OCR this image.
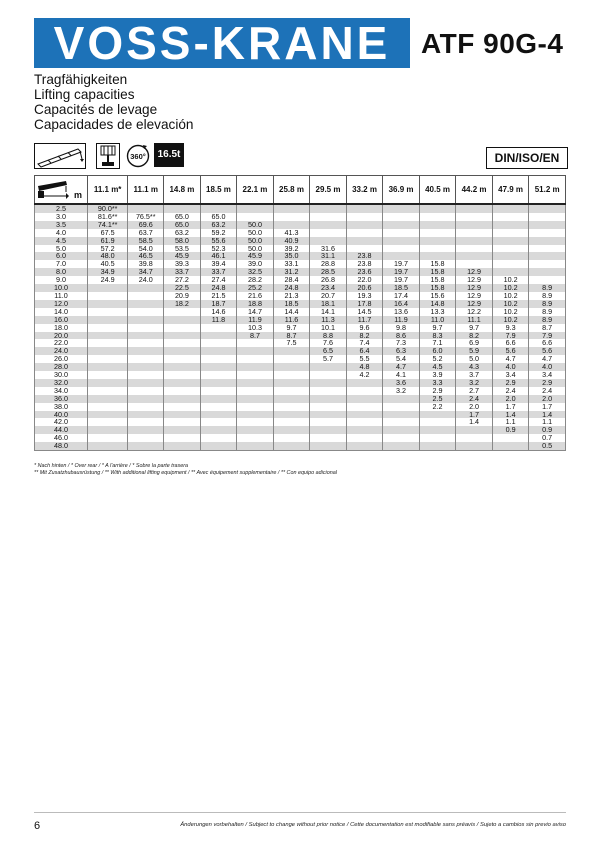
VOSS-KRANE	ATF 90G-4
Tragfähigkeiten
Lifting capacities
Capacités de levage
Capacidades de elevación
360°	16.5t	DIN/ISO/EN
m	11.1 m*	11.1 m	14.8 m	18.5 m	22.1 m	25.8 m	29.5 m	33.2 m	36.9 m	40.5 m	44.2 m	47.9 m	51.2 m
2.5	90.0**												
3.0	81.6**	76.5**	65.0	65.0									
3.5	74.1**	69.6	65.0	63.2	50.0								
4.0	67.5	63.7	63.2	59.2	50.0	41.3							
4.5	61.9	58.5	58.0	55.6	50.0	40.9							
5.0	57.2	54.0	53.5	52.3	50.0	39.2	31.6						
6.0	48.0	46.5	45.9	46.1	45.9	35.0	31.1	23.8					
7.0	40.5	39.8	39.3	39.4	39.0	33.1	28.8	23.8	19.7	15.8			
8.0	34.9	34.7	33.7	33.7	32.5	31.2	28.5	23.6	19.7	15.8	12.9		
9.0	24.9	24.0	27.2	27.4	28.2	28.4	26.8	22.0	19.7	15.8	12.9	10.2	
10.0			22.5	24.8	25.2	24.8	23.4	20.6	18.5	15.8	12.9	10.2	8.9
11.0			20.9	21.5	21.6	21.3	20.7	19.3	17.4	15.6	12.9	10.2	8.9
12.0			18.2	18.7	18.8	18.5	18.1	17.8	16.4	14.8	12.9	10.2	8.9
14.0				14.6	14.7	14.4	14.1	14.5	13.6	13.3	12.2	10.2	8.9
16.0				11.8	11.9	11.6	11.3	11.7	11.9	11.0	11.1	10.2	8.9
18.0					10.3	9.7	10.1	9.6	9.8	9.7	9.7	9.3	8.7
20.0					8.7	8.7	8.8	8.2	8.6	8.3	8.2	7.9	7.9
22.0						7.5	7.6	7.4	7.3	7.1	6.9	6.6	6.6
24.0							6.5	6.4	6.3	6.0	5.9	5.6	5.6
26.0							5.7	5.5	5.4	5.2	5.0	4.7	4.7
28.0								4.8	4.7	4.5	4.3	4.0	4.0
30.0								4.2	4.1	3.9	3.7	3.4	3.4
32.0									3.6	3.3	3.2	2.9	2.9
34.0									3.2	2.9	2.7	2.4	2.4
36.0										2.5	2.4	2.0	2.0
38.0										2.2	2.0	1.7	1.7
40.0											1.7	1.4	1.4
42.0											1.4	1.1	1.1
44.0												0.9	0.9
46.0													0.7
48.0													0.5
* Nach hinten / * Over rear / * A l'arrière / * Sobre la parte trasera
** Mit Zusatzhubausrüstung / ** With additional lifting equipment / ** Avec équipement supplementaire / ** Con equipo adicional
6	Änderungen vorbehalten / Subject to change without prior notice / Cette documentation est modifiable sans préavis / Sujeto a cambios sin previo aviso
